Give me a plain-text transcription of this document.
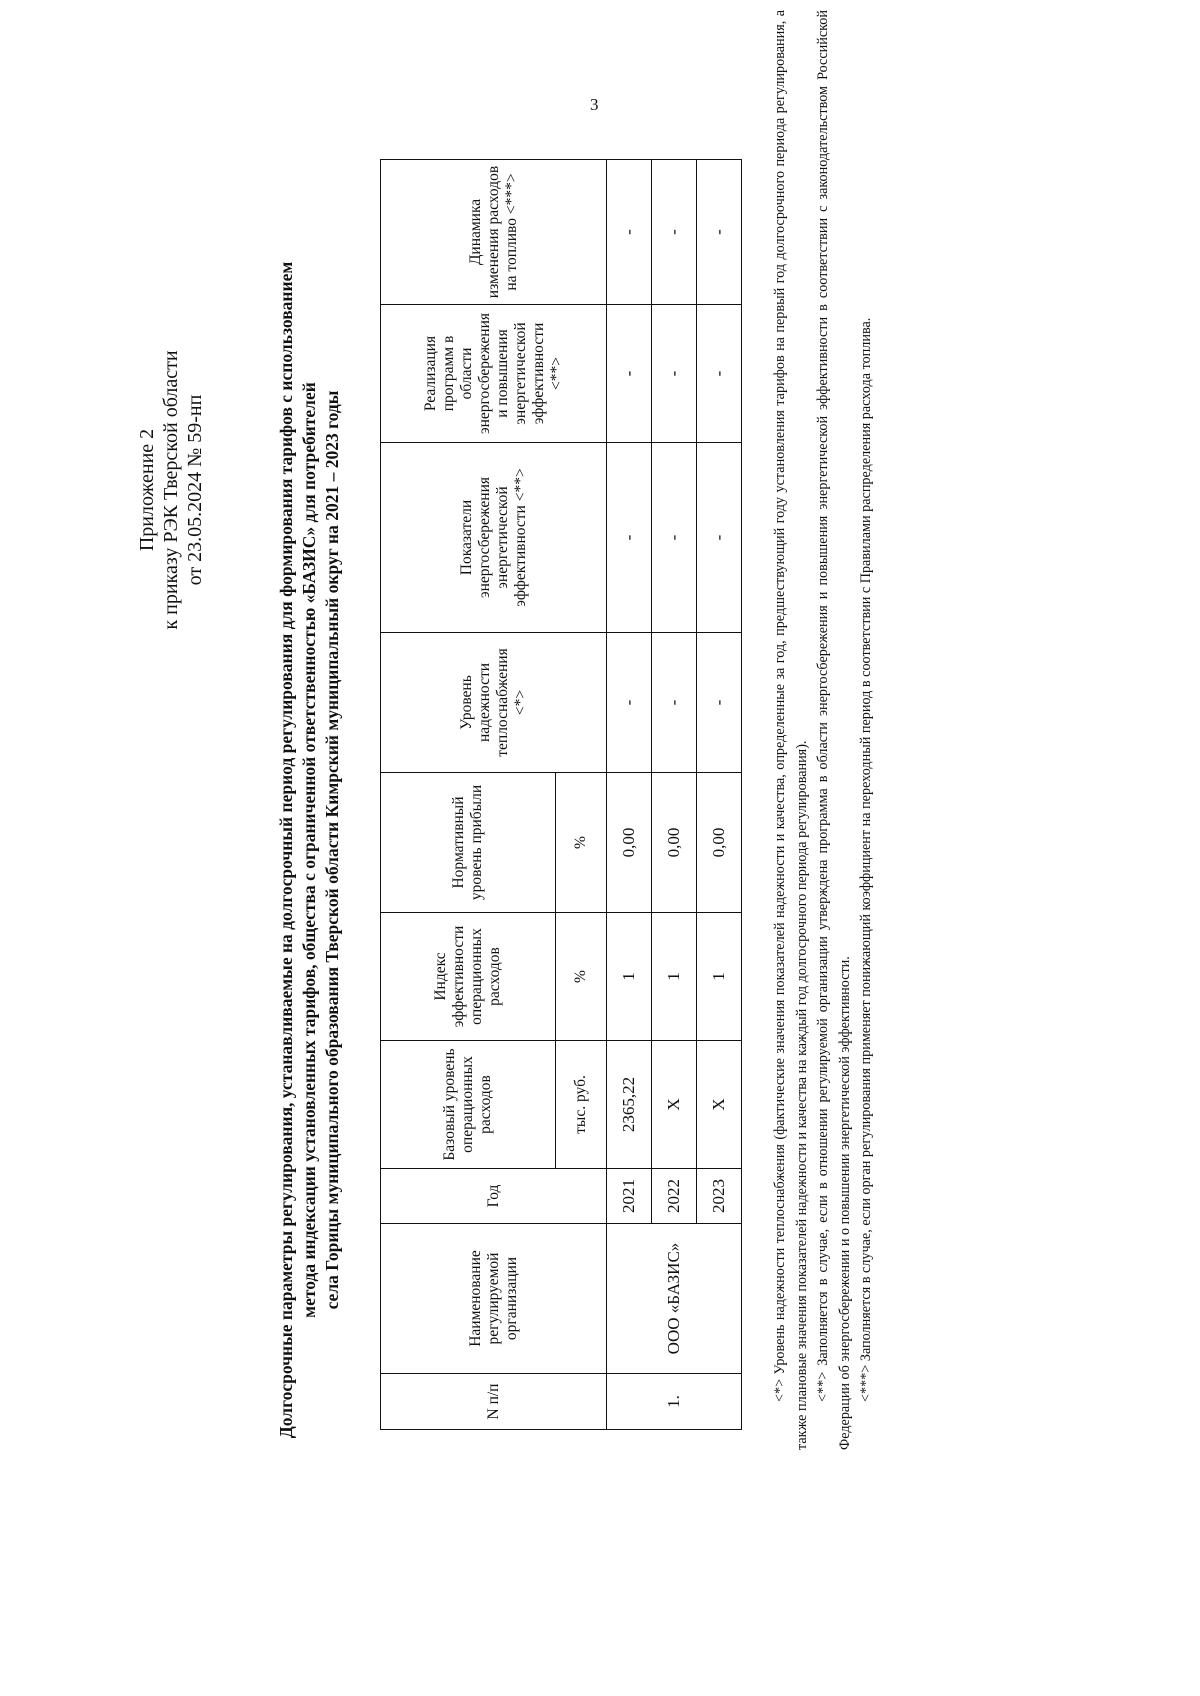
3
Приложение 2 к приказу РЭК Тверской области от 23.05.2024 № 59-нп	Долгосрочные параметры регулирования, устанавливаемые на долгосрочный период регулирования для формирования тарифов с использованием метода индексации установленных тарифов, общества с ограниченной ответственностью «БАЗИС» для потребителей села Горицы муниципального образования Тверской области Кимрский муниципальный округ на 2021 – 2023 годы
N п/п	Наименование регулируемой организации	Год	Базовый уровень операционных расходов	Индекс эффективности операционных расходов	Нормативный уровень прибыли	Уровень надежности теплоснабжения <*>	Показатели энергосбережения энергетической эффективности <**>	Реализация программ в области энергосбережения и повышения энергетической эффективности <**>	Динамика изменения расходов на топливо <***>
			тыс. руб.	%	%				
1.	ООО «БАЗИС»	2021	2365,22	1	0,00	-	-	-	-
		2022	Х	1	0,00	-	-	-	-
		2023	Х	1	0,00	-	-	-	-	<*> Уровень надежности теплоснабжения (фактические значения показателей надежности и качества, определенные за год, предшествующий году установления тарифов на первый год долгосрочного периода регулирования, а также плановые значения показателей надежности и качества на каждый год долгосрочного периода регулирования). <**> Заполняется в случае, если в отношении регулируемой организации утверждена программа в области энергосбережения и повышения энергетической эффективности в соответствии с законодательством Российской Федерации об энергосбережении и о повышении энергетической эффективности. <***> Заполняется в случае, если орган регулирования применяет понижающий коэффициент на переходный период в соответствии с Правилами распределения расхода топлива.
